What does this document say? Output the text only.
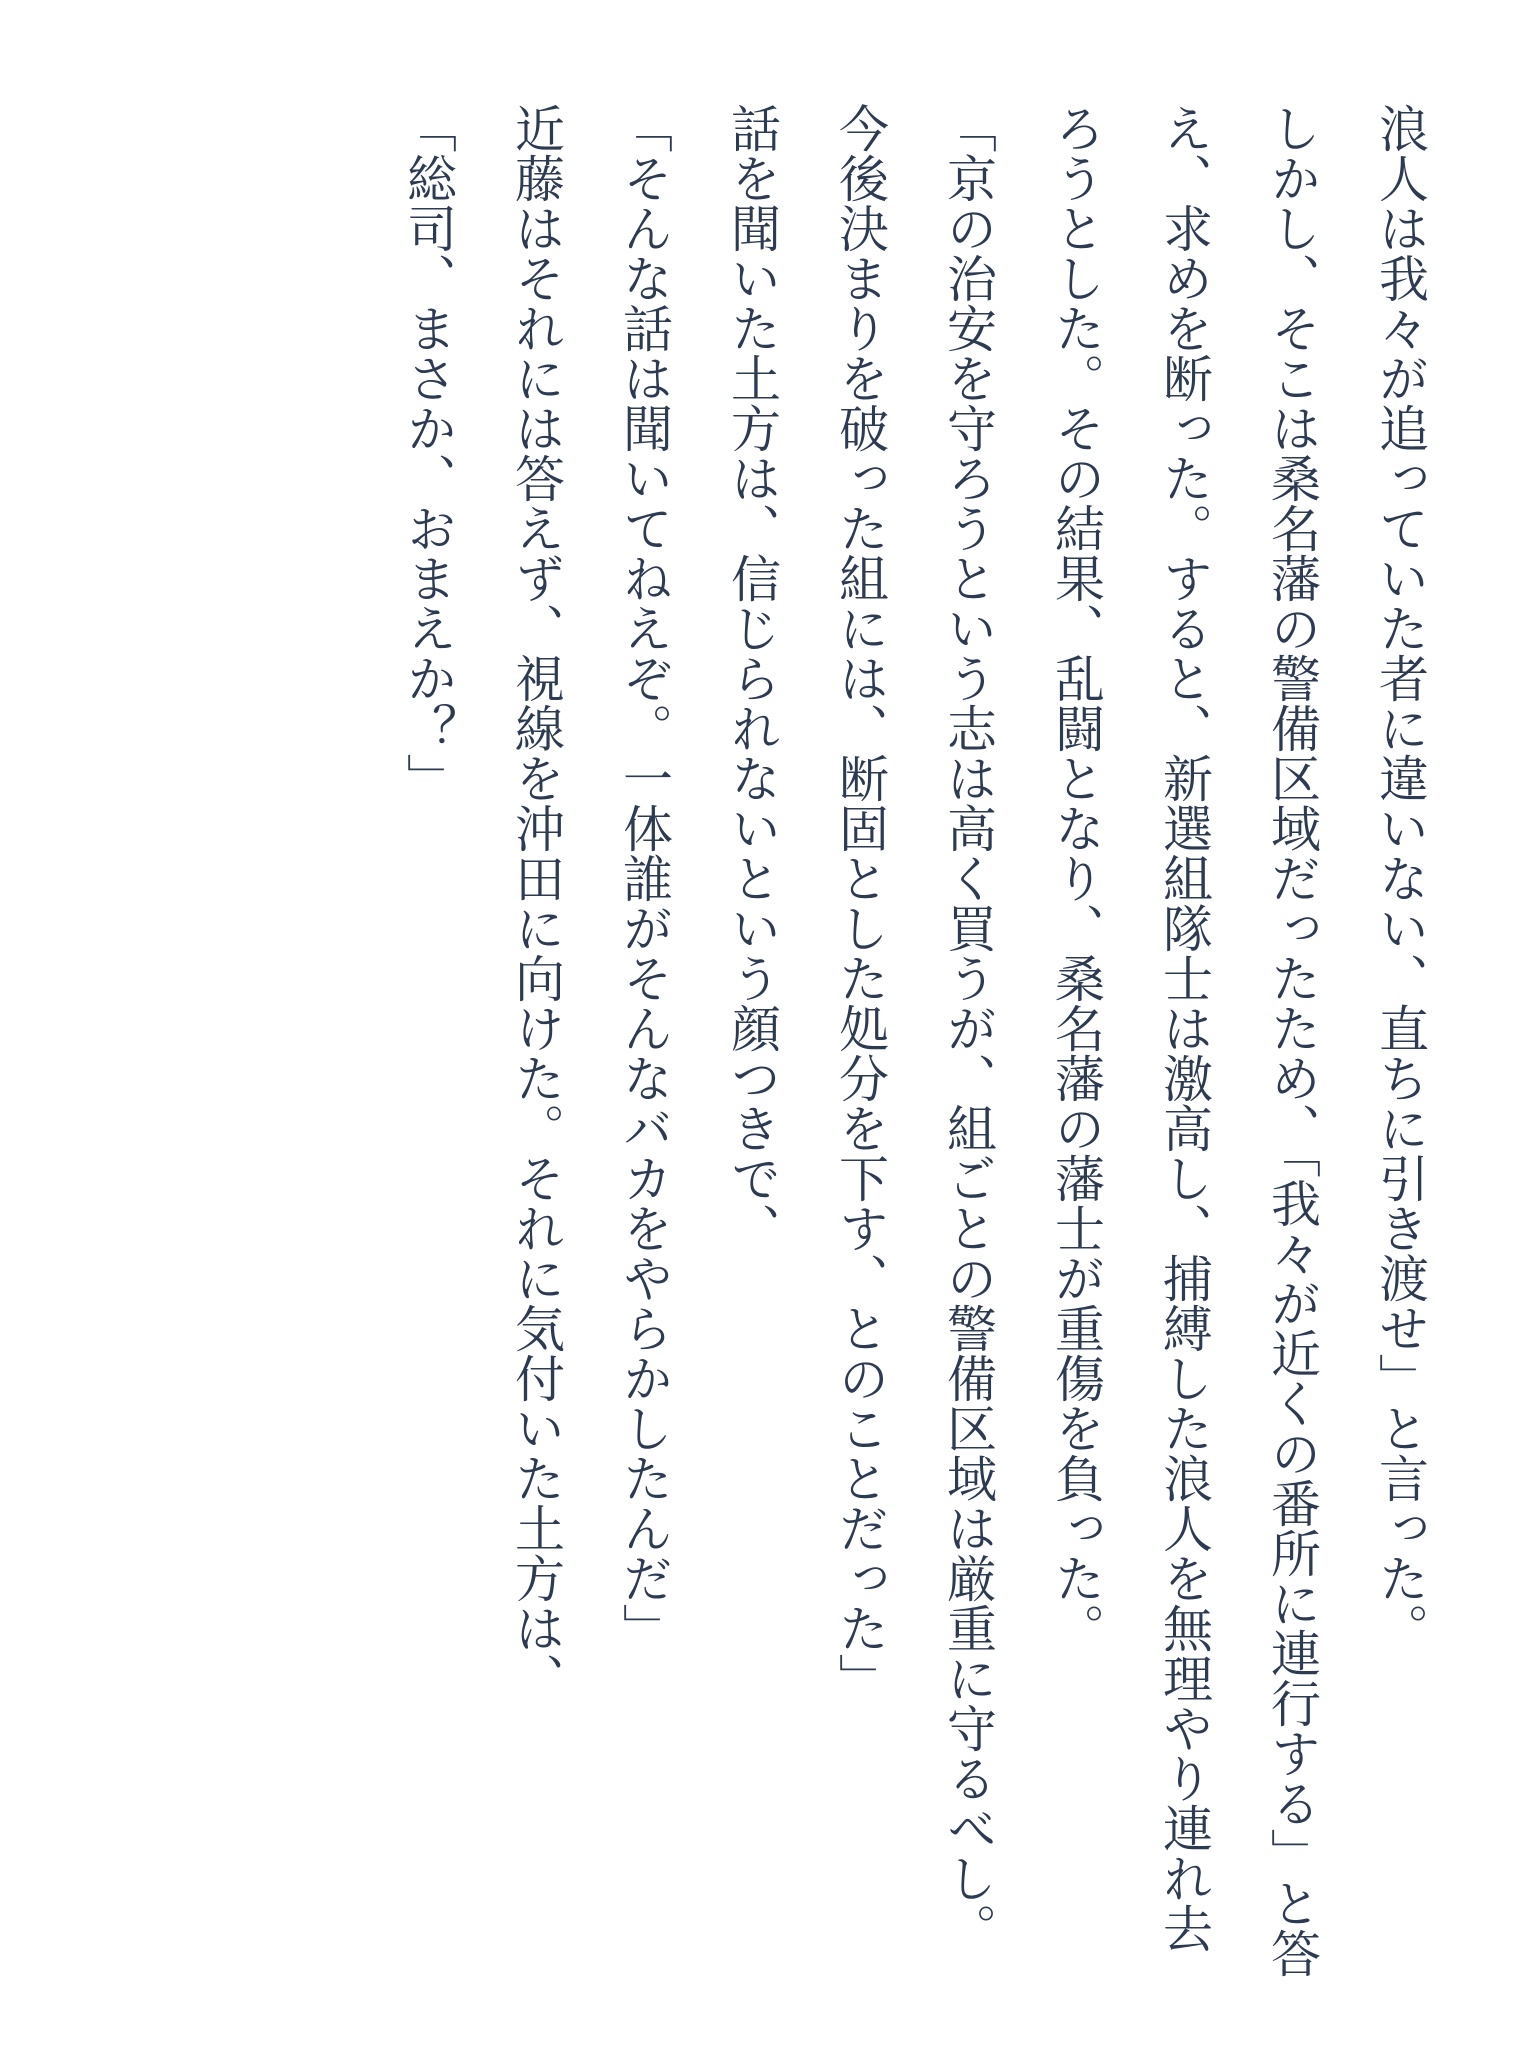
浪人は我々が追っていた者に違いない、直ちに引き渡せ」と言った。

しかし、そこは桑名藩の警備区域だったため、「我々が近くの番所に連行する」と答え、求めを断った。すると、新選組隊士は激高し、捕縛した浪人を無理やり連れ去ろうとした。その結果、乱闘となり、桑名藩の藩士が重傷を負った。

「京の治安を守ろうという志は高く買うが、組ごとの警備区域は厳重に守るべし。今後決まりを破った組には、断固とした処分を下す、とのことだった」

話を聞いた土方は、信じられないという顔つきで、

「そんな話は聞いてねえぞ。一体誰がそんなバカをやらかしたんだ」

近藤はそれには答えず、視線を沖田に向けた。それに気付いた土方は、

「総司、まさか、おまえか？」
